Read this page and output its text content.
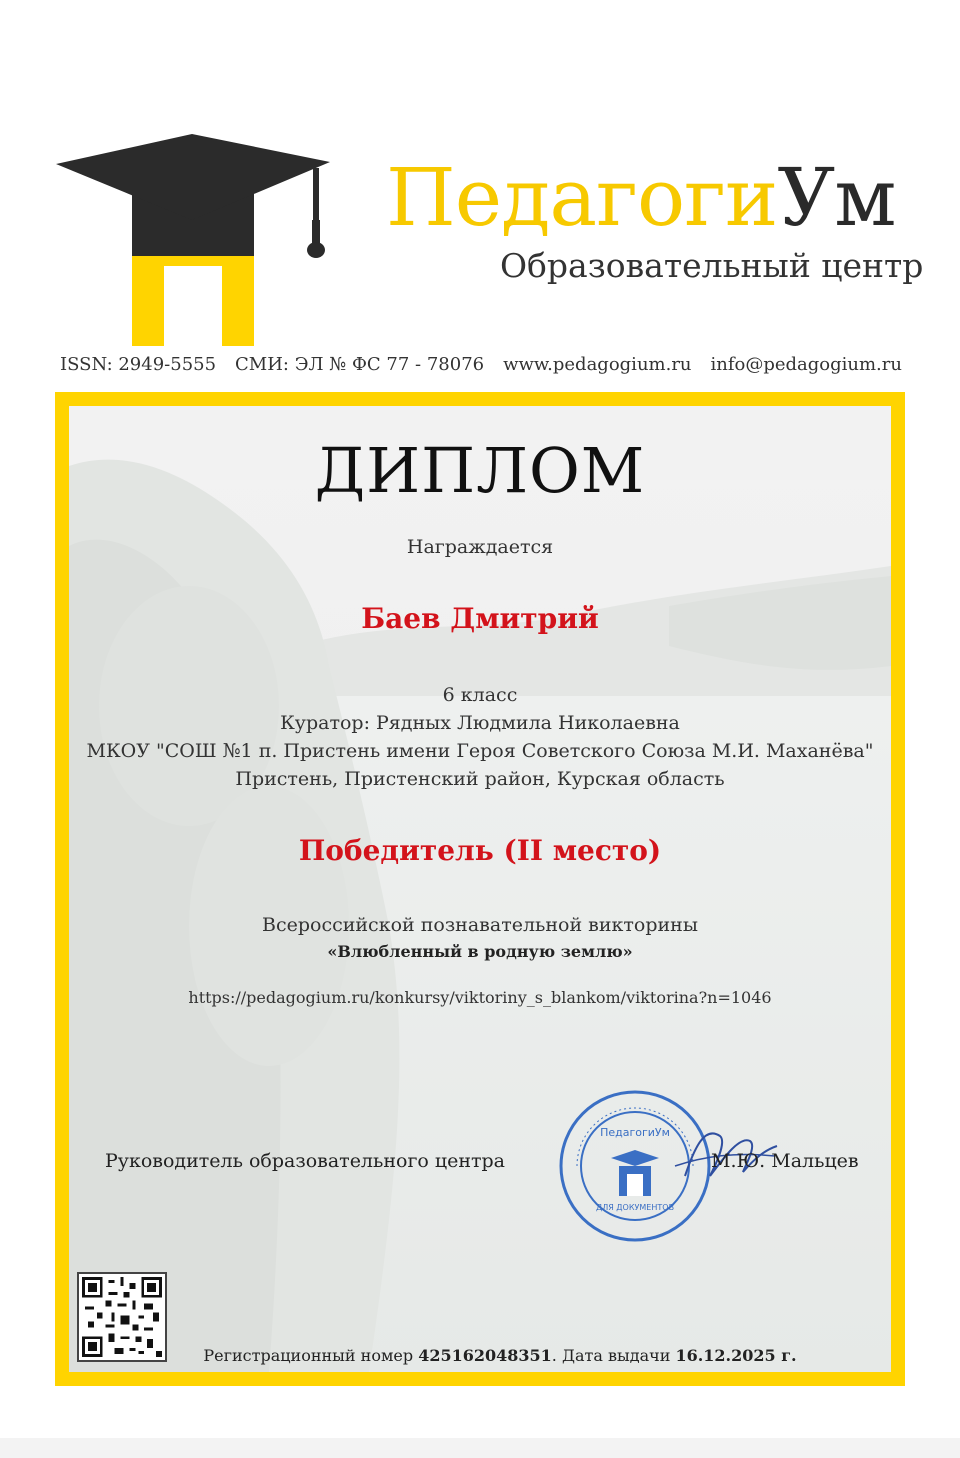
ПедагогиУм
Образовательный центр
ISSN: 2949-5555 СМИ: ЭЛ № ФС 77 - 78076 www.pedagogium.ru info@pedagogium.ru
ДИПЛОМ
Награждается
Баев Дмитрий
6 класс
Куратор: Рядных Людмила Николаевна
МКОУ "СОШ №1 п. Пристень имени Героя Советского Союза М.И. Маханёва"
Пристень, Пристенский район, Курская область
Победитель (II место)
Всероссийской познавательной викторины
«Влюбленный в родную землю»
https://pedagogium.ru/konkursy/viktoriny_s_blankom/viktorina?n=1046
Руководитель образовательного центра
ПедагогиУм
ДЛЯ ДОКУМЕНТОВ
М.Ю. Мальцев
Регистрационный номер 425162048351. Дата выдачи 16.12.2025 г.
